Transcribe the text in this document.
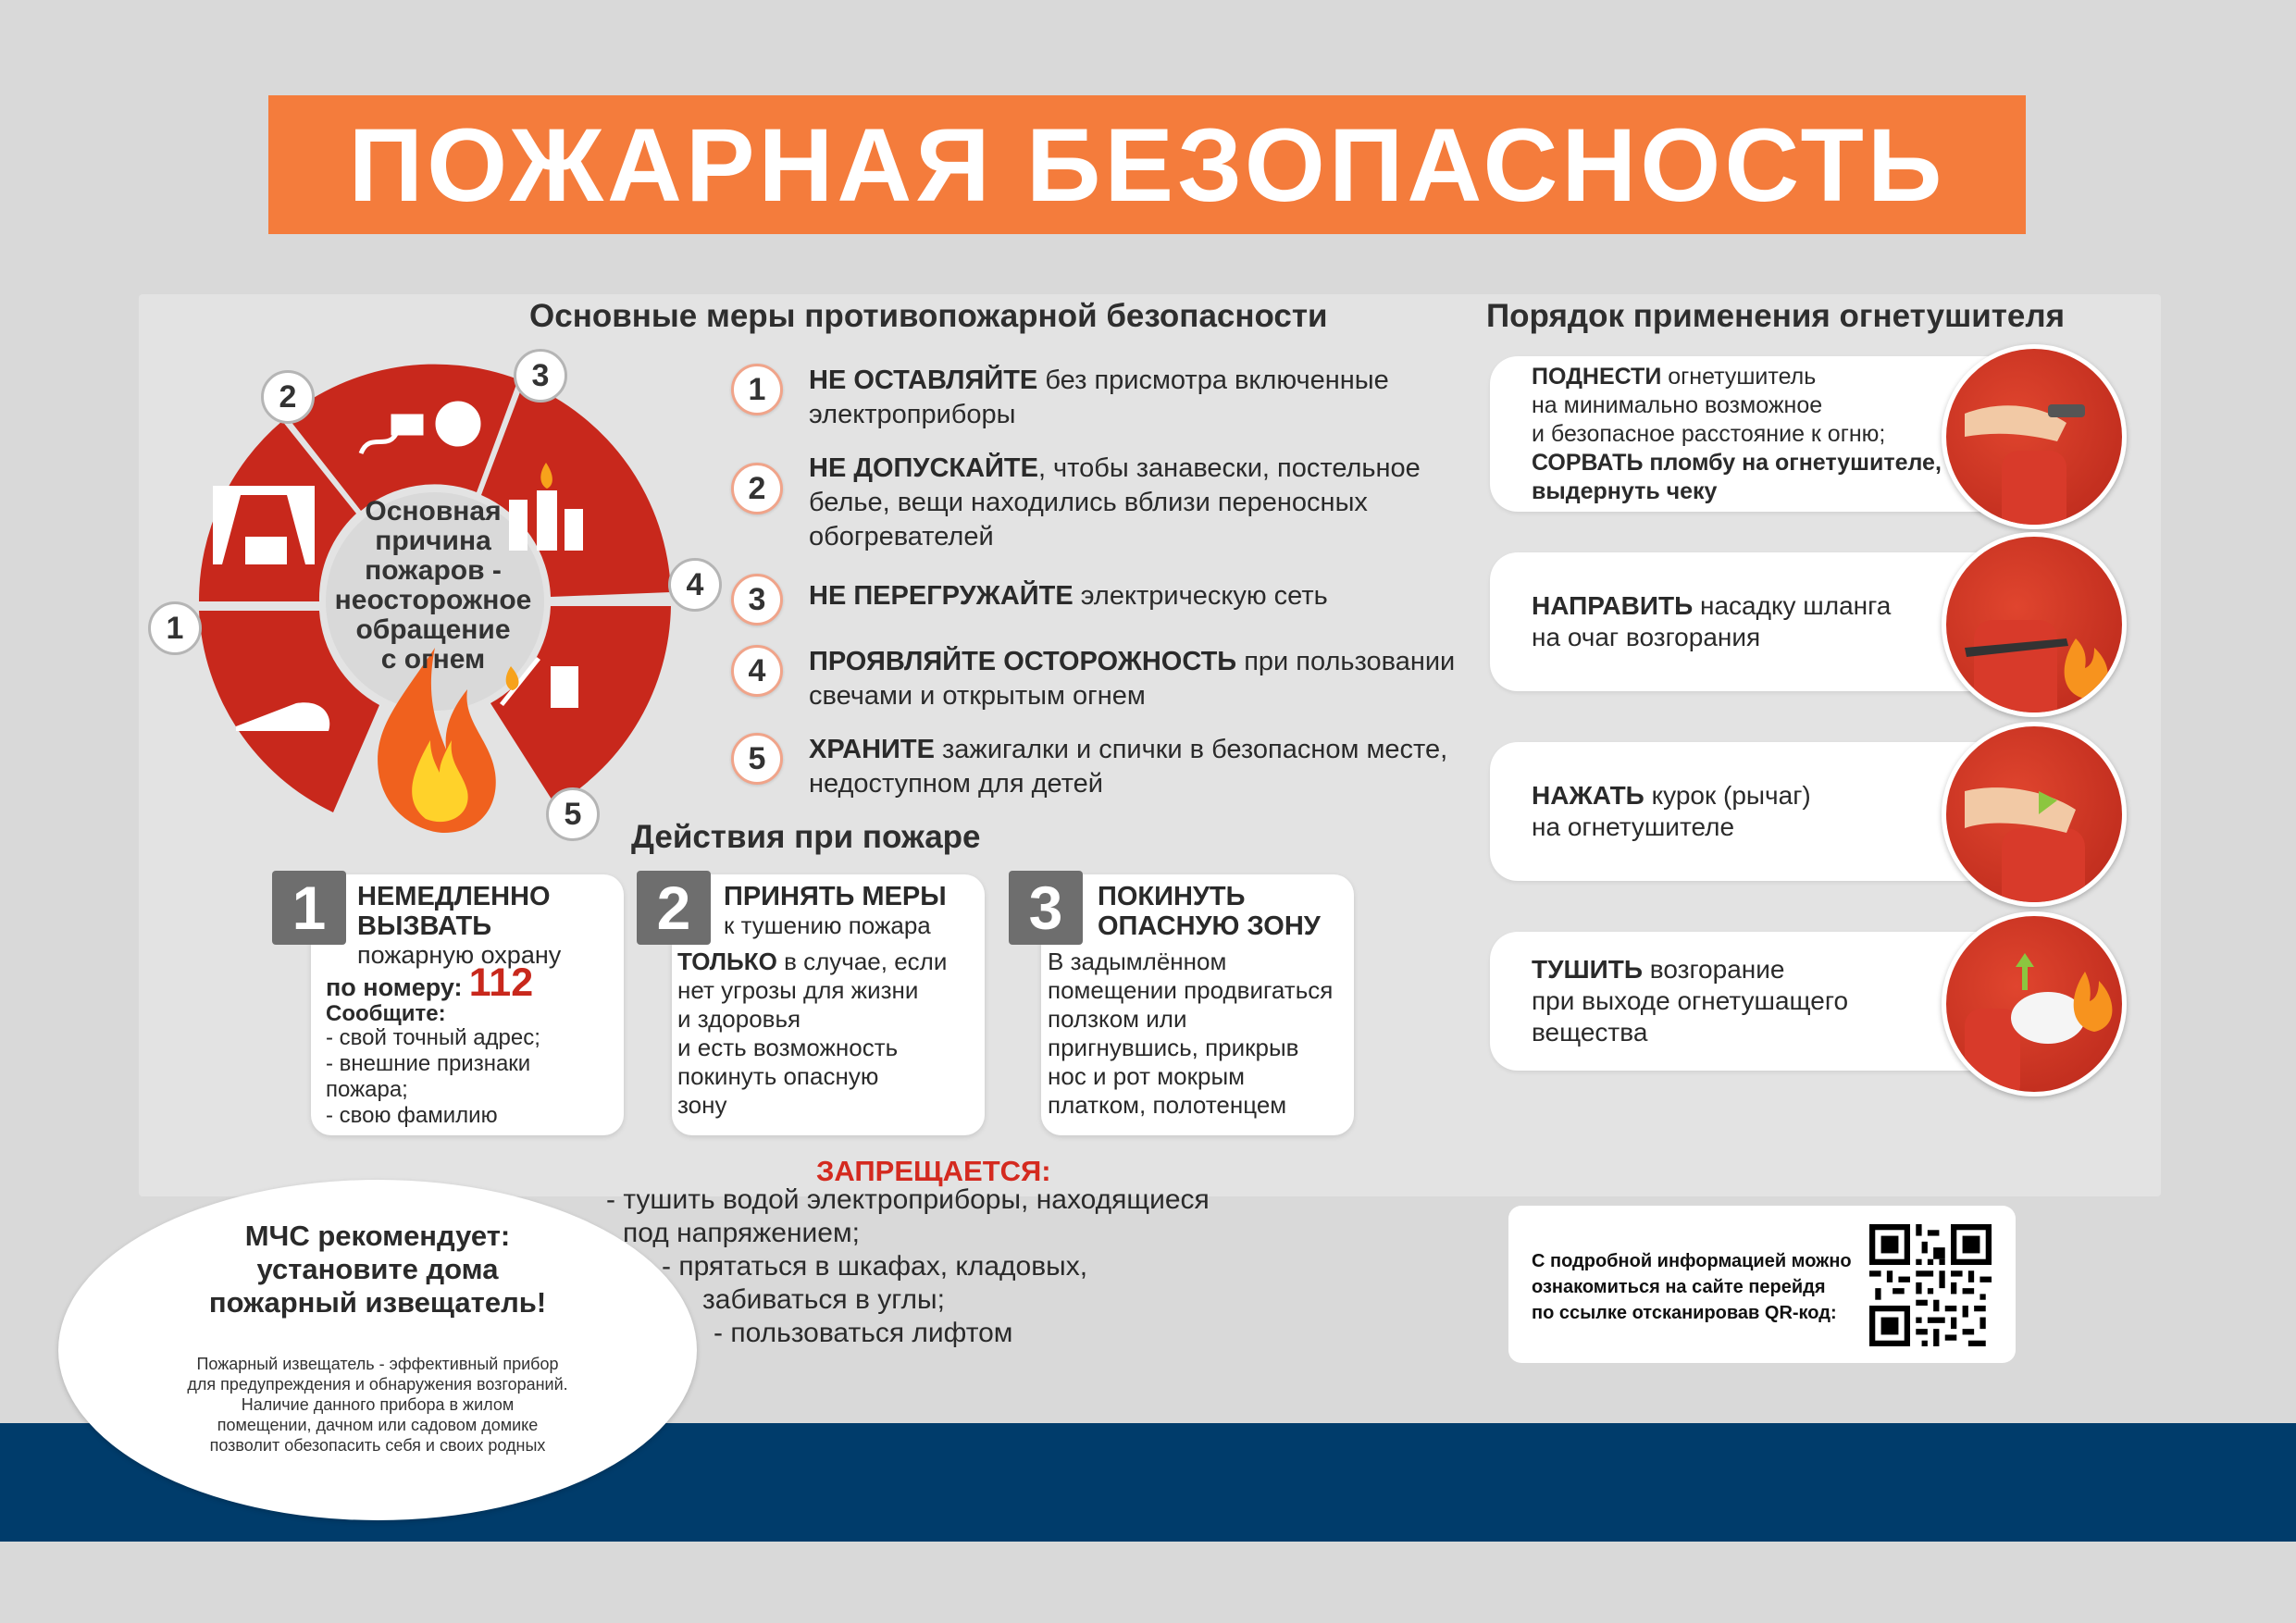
ПОЖАРНАЯ БЕЗОПАСНОСТЬ
Основная
причина
пожаров -
неосторожное
обращение
с огнем
1
2
3
4
5
Основные меры противопожарной безопасности
1	НЕ ОСТАВЛЯЙТЕ без присмотра включенные
электроприборы
2
НЕ ДОПУСКАЙТЕ, чтобы занавески, постельное
белье, вещи находились вблизи переносных
обогревателей
3	НЕ ПЕРЕГРУЖАЙТЕ электрическую сеть
4	ПРОЯВЛЯЙТЕ ОСТОРОЖНОСТЬ при пользовании
свечами и открытым огнем
5	ХРАНИТЕ зажигалки и спички в безопасном месте,
недоступном для детей
Действия при пожаре
1	НЕМЕДЛЕННО
ВЫЗВАТЬ
пожарную охрану
по номеру: 112
Сообщите:
- свой точный адрес;
- внешние признаки
пожара;
- свою фамилию
2	ПРИНЯТЬ МЕРЫ
к тушению пожара
ТОЛЬКО в случае, если
нет угрозы для жизни
и здоровья
и есть возможность
покинуть опасную
зону
3	ПОКИНУТЬ
ОПАСНУЮ ЗОНУ
В задымлённом
помещении продвигаться
ползком или
пригнувшись, прикрыв
нос и рот мокрым
платком, полотенцем
Порядок применения огнетушителя
ПОДНЕСТИ огнетушитель
на минимально возможное
и безопасное расстояние к огню;
СОРВАТЬ пломбу на огнетушителе,
выдернуть чеку
НАПРАВИТЬ насадку шланга
на очаг возгорания
НАЖАТЬ курок (рычаг)
на огнетушителе
ТУШИТЬ возгорание
при выходе огнетушащего
вещества
ЗАПРЕЩАЕТСЯ:
- тушить водой электроприборы, находящиеся
под напряжением;
- прятаться в шкафах, кладовых,
забиваться в углы;
- пользоваться лифтом
МЧС рекомендует:
установите дома
пожарный извещатель!
Пожарный извещатель - эффективный прибор
для предупреждения и обнаружения возгораний.
Наличие данного прибора в жилом
помещении, дачном или садовом домике
позволит обезопасить себя и своих родных
С подробной информацией можно
ознакомиться на сайте перейдя
по ссылке отсканировав QR-код:
